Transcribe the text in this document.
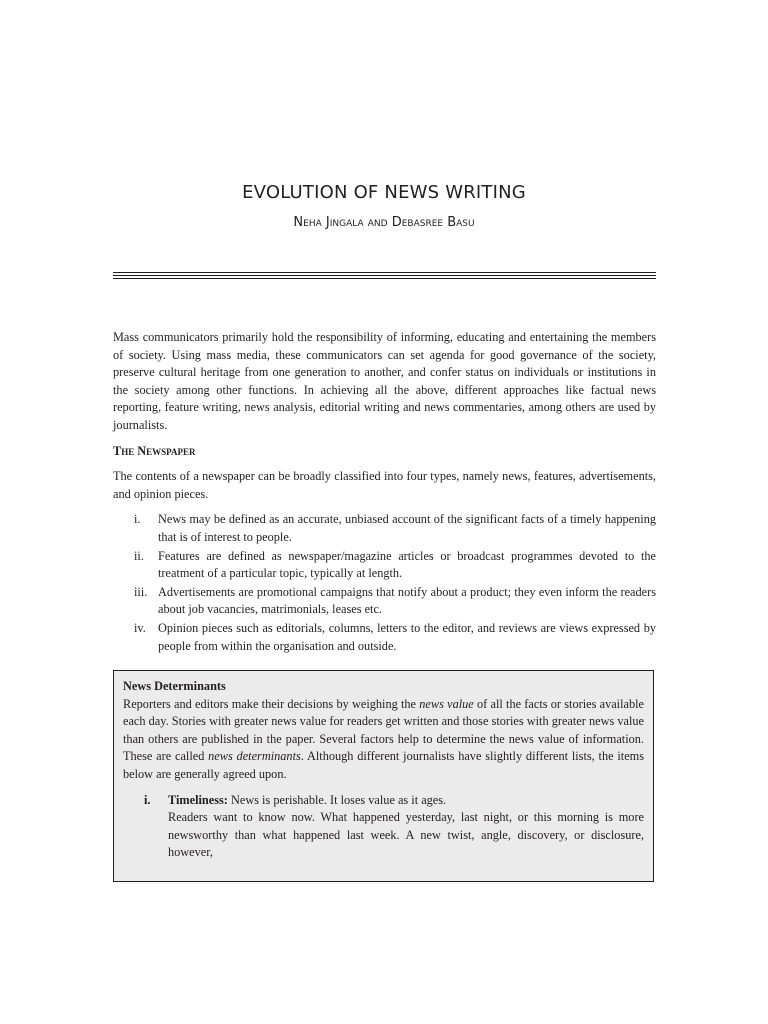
EVOLUTION OF NEWS WRITING

Neha Jingala and Debasree Basu

Mass communicators primarily hold the responsibility of informing, educating and entertaining the members of society. Using mass media, these communicators can set agenda for good governance of the society, preserve cultural heritage from one generation to another, and confer status on individuals or institutions in the society among other functions. In achieving all the above, different approaches like factual news reporting, feature writing, news analysis, editorial writing and news commentaries, among others are used by journalists.

The Newspaper

The contents of a newspaper can be broadly classified into four types, namely news, features, advertisements, and opinion pieces.

i. News may be defined as an accurate, unbiased account of the significant facts of a timely happening that is of interest to people.
ii. Features are defined as newspaper/magazine articles or broadcast programmes devoted to the treatment of a particular topic, typically at length.
iii. Advertisements are promotional campaigns that notify about a product; they even inform the readers about job vacancies, matrimonials, leases etc.
iv. Opinion pieces such as editorials, columns, letters to the editor, and reviews are views expressed by people from within the organisation and outside.

News Determinants

Reporters and editors make their decisions by weighing the news value of all the facts or stories available each day. Stories with greater news value for readers get written and those stories with greater news value than others are published in the paper. Several factors help to determine the news value of information. These are called news determinants. Although different journalists have slightly different lists, the items below are generally agreed upon.

i. Timeliness: News is perishable. It loses value as it ages.

Readers want to know now. What happened yesterday, last night, or this morning is more newsworthy than what happened last week. A new twist, angle, discovery, or disclosure, however,
